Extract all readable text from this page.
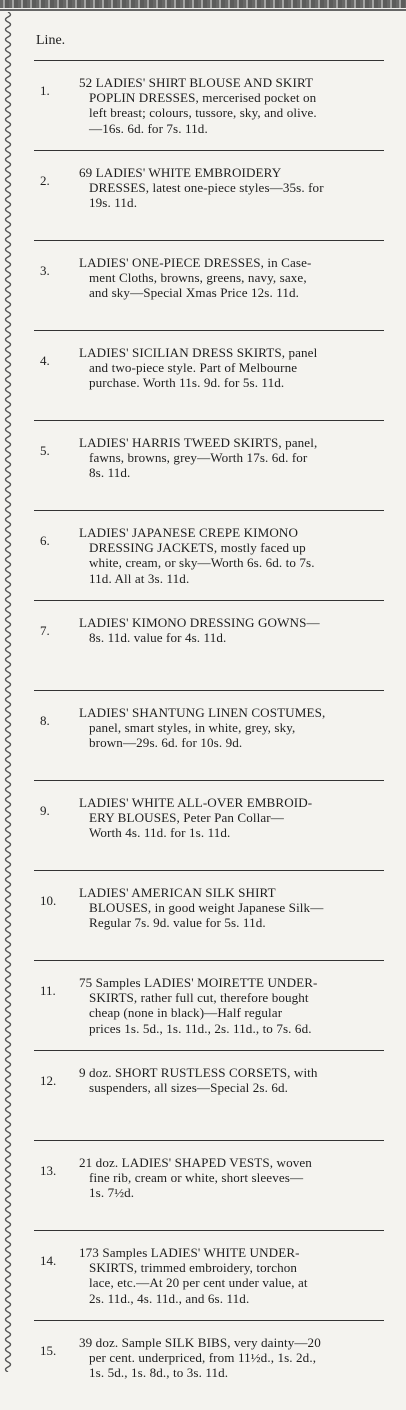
Line.
1.
52 LADIES' SHIRT BLOUSE AND SKIRT
POPLIN DRESSES, mercerised pocket on
left breast; colours, tussore, sky, and olive.
—16s. 6d. for 7s. 11d.
2.
69 LADIES' WHITE EMBROIDERY
DRESSES, latest one-piece styles—35s. for
19s. 11d.
3.
LADIES' ONE-PIECE DRESSES, in Case-
ment Cloths, browns, greens, navy, saxe,
and sky—Special Xmas Price 12s. 11d.
4.
LADIES' SICILIAN DRESS SKIRTS, panel
and two-piece style. Part of Melbourne
purchase. Worth 11s. 9d. for 5s. 11d.
5.
LADIES' HARRIS TWEED SKIRTS, panel,
fawns, browns, grey—Worth 17s. 6d. for
8s. 11d.
6.
LADIES' JAPANESE CREPE KIMONO
DRESSING JACKETS, mostly faced up
white, cream, or sky—Worth 6s. 6d. to 7s.
11d. All at 3s. 11d.
7.
LADIES' KIMONO DRESSING GOWNS—
8s. 11d. value for 4s. 11d.
8.
LADIES' SHANTUNG LINEN COSTUMES,
panel, smart styles, in white, grey, sky,
brown—29s. 6d. for 10s. 9d.
9.
LADIES' WHITE ALL-OVER EMBROID-
ERY BLOUSES, Peter Pan Collar—
Worth 4s. 11d. for 1s. 11d.
10.
LADIES' AMERICAN SILK SHIRT
BLOUSES, in good weight Japanese Silk—
Regular 7s. 9d. value for 5s. 11d.
11.
75 Samples LADIES' MOIRETTE UNDER-
SKIRTS, rather full cut, therefore bought
cheap (none in black)—Half regular
prices 1s. 5d., 1s. 11d., 2s. 11d., to 7s. 6d.
12.
9 doz. SHORT RUSTLESS CORSETS, with
suspenders, all sizes—Special 2s. 6d.
13.
21 doz. LADIES' SHAPED VESTS, woven
fine rib, cream or white, short sleeves—
1s. 7½d.
14.
173 Samples LADIES' WHITE UNDER-
SKIRTS, trimmed embroidery, torchon
lace, etc.—At 20 per cent under value, at
2s. 11d., 4s. 11d., and 6s. 11d.
15.
39 doz. Sample SILK BIBS, very dainty—20
per cent. underpriced, from 11½d., 1s. 2d.,
1s. 5d., 1s. 8d., to 3s. 11d.
